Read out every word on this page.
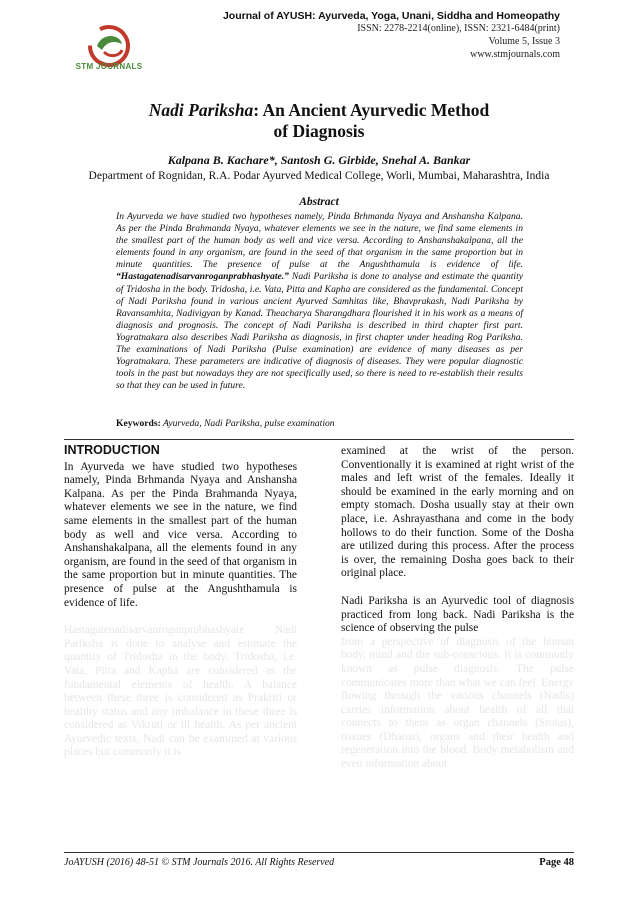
STM JOURNALS
Journal of AYUSH: Ayurveda, Yoga, Unani, Siddha and Homeopathy
ISSN: 2278-2214(online), ISSN: 2321-6484(print)
Volume 5, Issue 3
www.stmjournals.com
Nadi Pariksha: An Ancient Ayurvedic Method
of Diagnosis
Kalpana B. Kachare*, Santosh G. Girbide, Snehal A. Bankar
Department of Rognidan, R.A. Podar Ayurved Medical College, Worli, Mumbai, Maharashtra, India
Abstract
In Ayurveda we have studied two hypotheses namely, Pinda Brhmanda Nyaya and Anshansha Kalpana. As per the Pinda Brahmanda Nyaya, whatever elements we see in the nature, we find same elements in the smallest part of the human body as well and vice versa. According to Anshanshakalpana, all the elements found in any organism, are found in the seed of that organism in the same proportion but in minute quantities. The presence of pulse at the Angushthamula is evidence of life. “Hastagatenadisarvanroganprabhashyate.” Nadi Pariksha is done to analyse and estimate the quantity of Tridosha in the body. Tridosha, i.e. Vata, Pitta and Kapha are considered as the fundamental. Concept of Nadi Pariksha found in various ancient Ayurved Samhitas like, Bhavprakash, Nadi Pariksha by Ravansamhita, Nadivigyan by Kanad. Theacharya Sharangdhara flourished it in his work as a means of diagnosis and prognosis. The concept of Nadi Pariksha is described in third chapter first part. Yogratnakara also describes Nadi Pariksha as diagnosis, in first chapter under heading Rog Pariksha. The examinations of Nadi Pariksha (Pulse examination) are evidence of many diseases as per Yogratnakara. These parameters are indicative of diagnosis of diseases. They were popular diagnostic tools in the past but nowadays they are not specifically used, so there is need to re-establish their results so that they can be used in future.
Keywords: Ayurveda, Nadi Pariksha, pulse examination
INTRODUCTION

In Ayurveda we have studied two hypotheses namely, Pinda Brhmanda Nyaya and Anshansha Kalpana. As per the Pinda Brahmanda Nyaya, whatever elements we see in the nature, we find same elements in the smallest part of the human body as well and vice versa. According to Anshanshakalpana, all the elements found in any organism, are found in the seed of that organism in the same proportion but in minute quantities. The presence of pulse at the Angushthamula is evidence of life.

Hastagatenadisarvanroganprabhashyate Nadi Pariksha is done to analyse and estimate the quantity of Tridosha in the body. Tridosha, i.e. Vata, Pitta and Kapha are considered as the fundamental elements of health. A balance between these three is considered as Prakriti or healthy status and any imbalance in these three is considered as Vikruti or ill health. As per ancient Ayurvedic texts, Nadi can be examined at various places but commonly it is

examined at the wrist of the person. Conventionally it is examined at right wrist of the males and left wrist of the females. Ideally it should be examined in the early morning and on empty stomach. Dosha usually stay at their own place, i.e. Ashrayasthana and come in the body hollows to do their function. Some of the Dosha are utilized during this process. After the process is over, the remaining Dosha goes back to their original place.

Nadi Pariksha is an Ayurvedic tool of diagnosis practiced from long back. Nadi Pariksha is the science of observing the pulse

from a perspective of diagnosis of the human body, mind and the sub-conscious. It is commonly known as pulse diagnosis. The pulse communicates more than what we can feel. Energy flowing through the various channels (Nadis) carries information about health of all that connects to them as organ channels (Srotas), tissues (Dhatus), organs and their health and regeneration into the blood. Body metabolism and even information about

JoAYUSH (2016) 48-51 © STM Journals 2016. All Rights Reserved	Page 48
